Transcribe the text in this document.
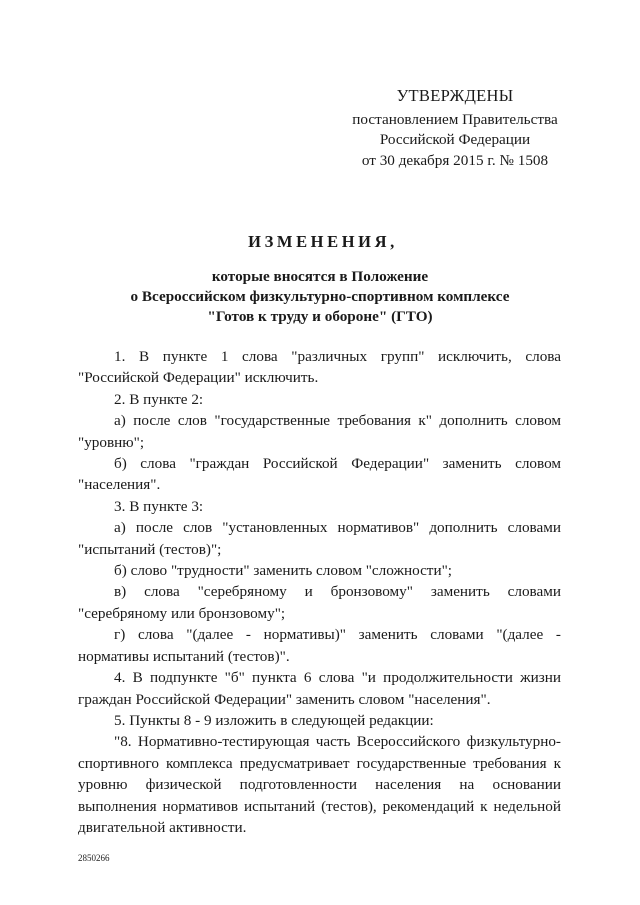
УТВЕРЖДЕНЫ
постановлением Правительства
Российской Федерации
от 30 декабря 2015 г. № 1508
ИЗМЕНЕНИЯ,
которые вносятся в Положение
о Всероссийском физкультурно-спортивном комплексе
"Готов к труду и обороне" (ГТО)

1. В пункте 1 слова "различных групп" исключить, слова "Российской Федерации" исключить.

2. В пункте 2:

а) после слов "государственные требования к" дополнить словом "уровню";

б) слова "граждан Российской Федерации" заменить словом "населения".

3. В пункте 3:

а) после слов "установленных нормативов" дополнить словами "испытаний (тестов)";

б) слово "трудности" заменить словом "сложности";

в) слова "серебряному и бронзовому" заменить словами "серебряному или бронзовому";

г) слова "(далее - нормативы)" заменить словами "(далее - нормативы испытаний (тестов)".

4. В подпункте "б" пункта 6 слова "и продолжительности жизни граждан Российской Федерации" заменить словом "населения".

5. Пункты 8 - 9 изложить в следующей редакции:

"8. Нормативно-тестирующая часть Всероссийского физкультурно-спортивного комплекса предусматривает государственные требования к уровню физической подготовленности населения на основании выполнения нормативов испытаний (тестов), рекомендаций к недельной двигательной активности.

2850266
